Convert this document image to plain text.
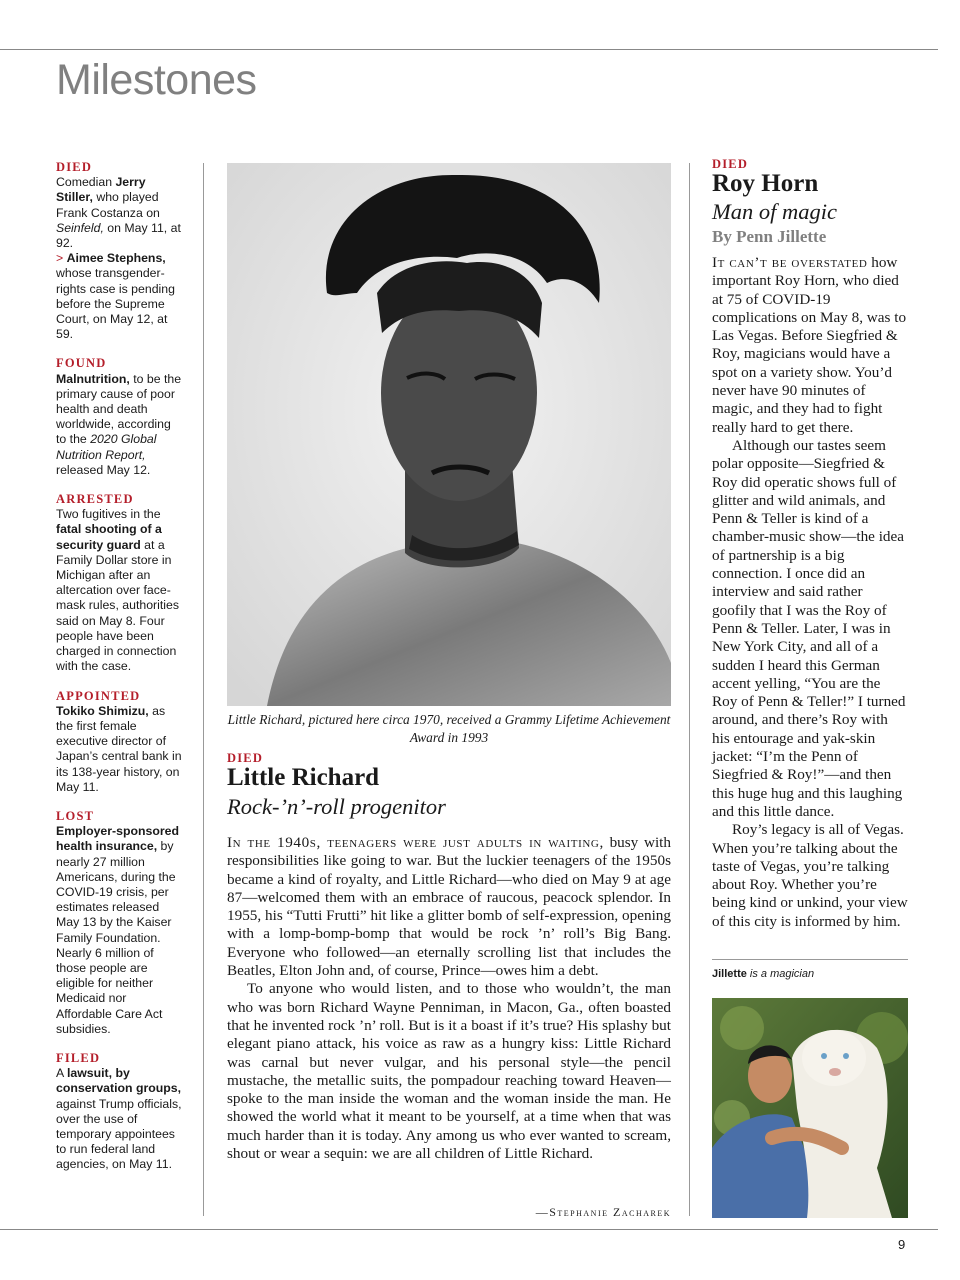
Milestones
DIED
Comedian Jerry Stiller, who played Frank Costanza on Seinfeld, on May 11, at 92.
> Aimee Stephens, whose transgender-rights case is pending before the Supreme Court, on May 12, at 59.
FOUND
Malnutrition, to be the primary cause of poor health and death worldwide, according to the 2020 Global Nutrition Report, released May 12.
ARRESTED
Two fugitives in the fatal shooting of a security guard at a Family Dollar store in Michigan after an altercation over face-mask rules, authorities said on May 8. Four people have been charged in connection with the case.
APPOINTED
Tokiko Shimizu, as the first female executive director of Japan’s central bank in its 138-year history, on May 11.
LOST
Employer-sponsored health insurance, by nearly 27 million Americans, during the COVID-19 crisis, per estimates released May 13 by the Kaiser Family Foundation. Nearly 6 million of those people are eligible for neither Medicaid nor Affordable Care Act subsidies.
FILED
A lawsuit, by conservation groups, against Trump officials, over the use of temporary appointees to run federal land agencies, on May 11.
Little Richard, pictured here circa 1970, received a Grammy Lifetime Achievement Award in 1993
DIED
Little Richard
Rock-’n’-roll progenitor

In the 1940s, teenagers were just adults in waiting, busy with responsibilities like going to war. But the luckier teenagers of the 1950s became a kind of royalty, and Little Richard—who died on May 9 at age 87—welcomed them with an embrace of raucous, peacock splendor. In 1955, his “Tutti Frutti” hit like a glitter bomb of self-expression, opening with a lomp-bomp-bomp that would be rock ’n’ roll’s Big Bang. Everyone who followed—an eternally scrolling list that includes the Beatles, Elton John and, of course, Prince—owes him a debt.

To anyone who would listen, and to those who wouldn’t, the man who was born Richard Wayne Penniman, in Macon, Ga., often boasted that he invented rock ’n’ roll. But is it a boast if it’s true? His splashy but elegant piano attack, his voice as raw as a hungry kiss: Little Richard was carnal but never vulgar, and his personal style—the pencil mustache, the metallic suits, the pompadour reaching toward Heaven—spoke to the man inside the woman and the woman inside the man. He showed the world what it meant to be yourself, at a time when that was much harder than it is today. Any among us who ever wanted to scream, shout or wear a sequin: we are all children of Little Richard.

—Stephanie Zacharek
DIED
Roy Horn
Man of magic
By Penn Jillette

It can’t be overstated how important Roy Horn, who died at 75 of COVID-19 complications on May 8, was to Las Vegas. Before Siegfried & Roy, magicians would have a spot on a variety show. You’d never have 90 minutes of magic, and they had to fight really hard to get there.

Although our tastes seem polar opposite—Siegfried & Roy did operatic shows full of glitter and wild animals, and Penn & Teller is kind of a chamber-music show—the idea of partnership is a big connection. I once did an interview and said rather goofily that I was the Roy of Penn & Teller. Later, I was in New York City, and all of a sudden I heard this German accent yelling, “You are the Roy of Penn & Teller!” I turned around, and there’s Roy with his entourage and yak-skin jacket: “I’m the Penn of Siegfried & Roy!”—and then this huge hug and this laughing and this little dance.

Roy’s legacy is all of Vegas. When you’re talking about the taste of Vegas, you’re talking about Roy. Whether you’re being kind or unkind, your view of this city is informed by him.

Jillette is a magician
9
